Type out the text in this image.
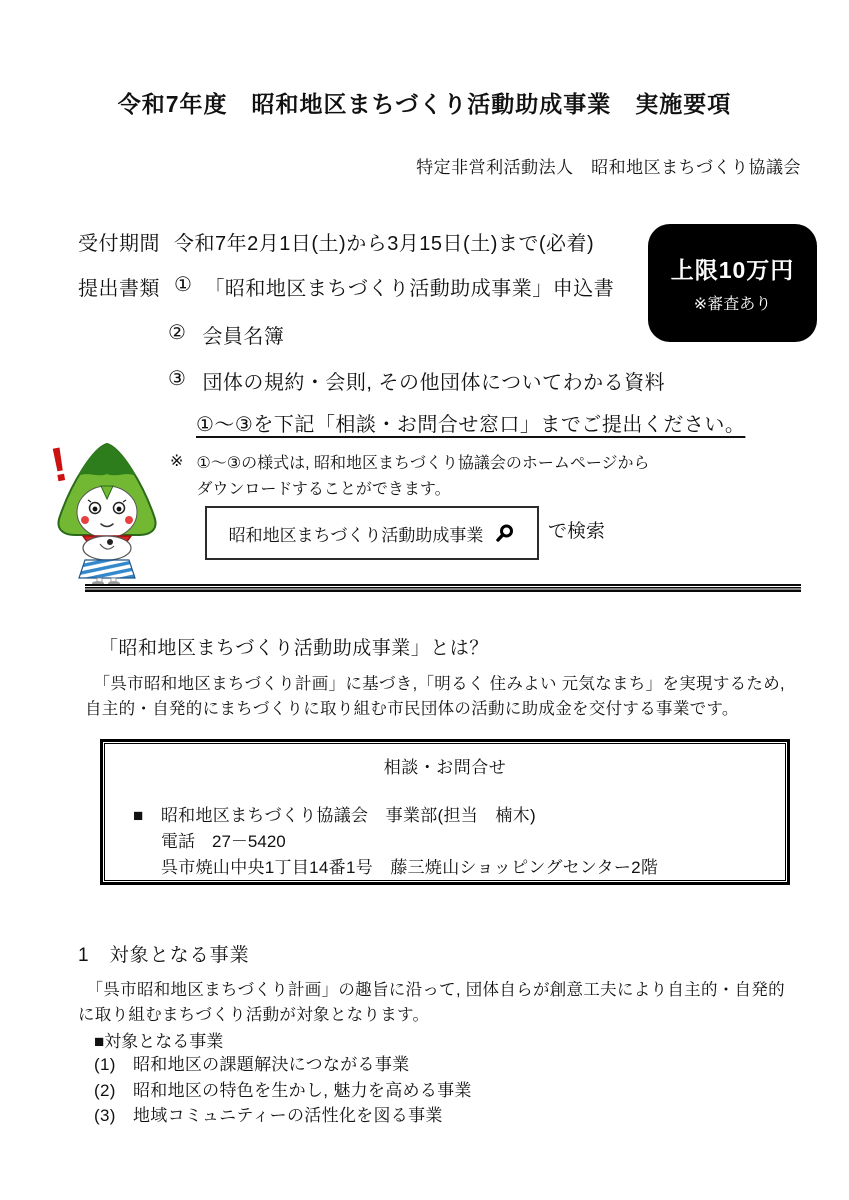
令和7年度　昭和地区まちづくり活動助成事業　実施要項
特定非営利活動法人　昭和地区まちづくり協議会
受付期間 令和7年2月1日(土)から3月15日(土)まで(必着)
提出書類 ① 「昭和地区まちづくり活動助成事業」申込書
② 会員名簿
③ 団体の規約・会則, その他団体についてわかる資料
①～③を下記「相談・お問合せ窓口」までご提出ください。
※ ①～③の様式は, 昭和地区まちづくり協議会のホームページから
ダウンロードすることができます。
昭和地区まちづくり活動助成事業	で検索
上限10万円
※審査あり
!
「昭和地区まちづくり活動助成事業」とは？
　「呉市昭和地区まちづくり計画」に基づき,「明るく 住みよい 元気なまち」を実現するため,
自主的・自発的にまちづくりに取り組む市民団体の活動に助成金を交付する事業です。
相談・お問合せ
■　昭和地区まちづくり協議会　事業部(担当　楠木)
電話　27－5420
呉市焼山中央1丁目14番1号　藤三焼山ショッピングセンター2階
1　対象となる事業
　「呉市昭和地区まちづくり計画」の趣旨に沿って, 団体自らが創意工夫により自主的・自発的
に取り組むまちづくり活動が対象となります。
■対象となる事業
(1)　昭和地区の課題解決につながる事業
(2)　昭和地区の特色を生かし, 魅力を高める事業
(3)　地域コミュニティーの活性化を図る事業
